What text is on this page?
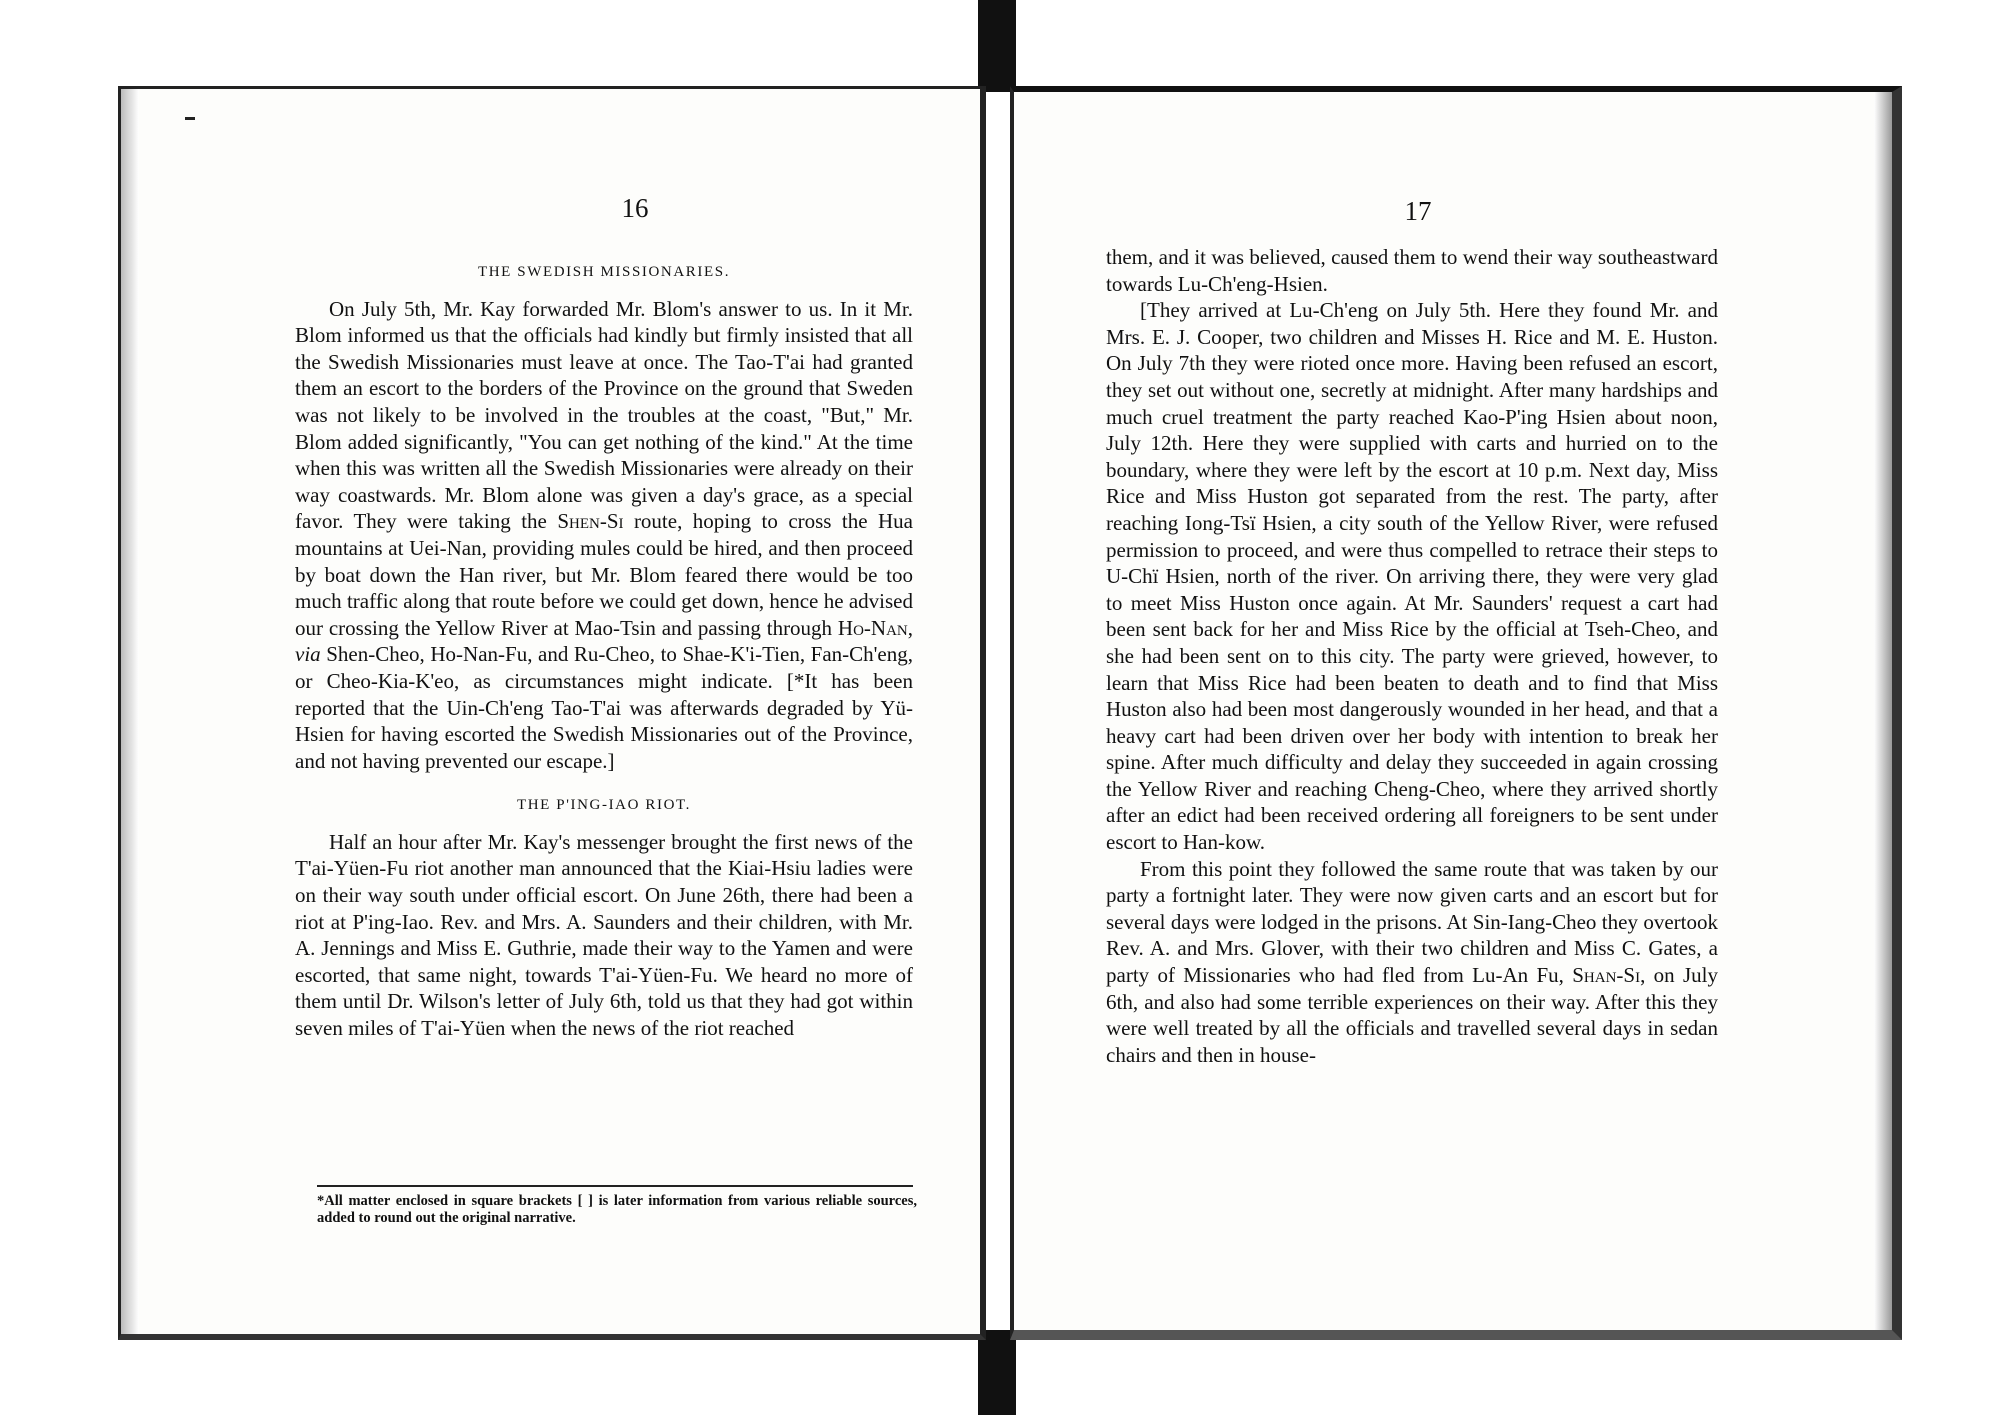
16
THE SWEDISH MISSIONARIES.

On July 5th, Mr. Kay forwarded Mr. Blom's answer to us. In it Mr. Blom informed us that the officials had kindly but firmly insisted that all the Swedish Missionaries must leave at once. The Tao-T'ai had granted them an escort to the borders of the Province on the ground that Sweden was not likely to be involved in the troubles at the coast, "But," Mr. Blom added significantly, "You can get nothing of the kind." At the time when this was written all the Swedish Missionaries were already on their way coastwards. Mr. Blom alone was given a day's grace, as a special favor. They were taking the Shen-Si route, hoping to cross the Hua mountains at Uei-Nan, providing mules could be hired, and then proceed by boat down the Han river, but Mr. Blom feared there would be too much traffic along that route before we could get down, hence he advised our crossing the Yellow River at Mao-Tsin and passing through Ho-Nan, via Shen-Cheo, Ho-Nan-Fu, and Ru-Cheo, to Shae-K'i-Tien, Fan-Ch'eng, or Cheo-Kia-K'eo, as circumstances might indicate. [*It has been reported that the Uin-Ch'eng Tao-T'ai was afterwards degraded by Yü-Hsien for having escorted the Swedish Missionaries out of the Province, and not having prevented our escape.]

THE P'ING-IAO RIOT.

Half an hour after Mr. Kay's messenger brought the first news of the T'ai-Yüen-Fu riot another man announced that the Kiai-Hsiu ladies were on their way south under official escort. On June 26th, there had been a riot at P'ing-Iao. Rev. and Mrs. A. Saunders and their children, with Mr. A. Jennings and Miss E. Guthrie, made their way to the Yamen and were escorted, that same night, towards T'ai-Yüen-Fu. We heard no more of them until Dr. Wilson's letter of July 6th, told us that they had got within seven miles of T'ai-Yüen when the news of the riot reached

*All matter enclosed in square brackets [ ] is later information from various reliable sources, added to round out the original narrative.
17

them, and it was believed, caused them to wend their way southeastward towards Lu-Ch'eng-Hsien.

[They arrived at Lu-Ch'eng on July 5th. Here they found Mr. and Mrs. E. J. Cooper, two children and Misses H. Rice and M. E. Huston. On July 7th they were rioted once more. Having been refused an escort, they set out without one, secretly at midnight. After many hardships and much cruel treatment the party reached Kao-P'ing Hsien about noon, July 12th. Here they were supplied with carts and hurried on to the boundary, where they were left by the escort at 10 p.m. Next day, Miss Rice and Miss Huston got separated from the rest. The party, after reaching Iong-Tsï Hsien, a city south of the Yellow River, were refused permission to proceed, and were thus compelled to retrace their steps to U-Chï Hsien, north of the river. On arriving there, they were very glad to meet Miss Huston once again. At Mr. Saunders' request a cart had been sent back for her and Miss Rice by the official at Tseh-Cheo, and she had been sent on to this city. The party were grieved, however, to learn that Miss Rice had been beaten to death and to find that Miss Huston also had been most dangerously wounded in her head, and that a heavy cart had been driven over her body with intention to break her spine. After much difficulty and delay they succeeded in again crossing the Yellow River and reaching Cheng-Cheo, where they arrived shortly after an edict had been received ordering all foreigners to be sent under escort to Han-kow.

From this point they followed the same route that was taken by our party a fortnight later. They were now given carts and an escort but for several days were lodged in the prisons. At Sin-Iang-Cheo they overtook Rev. A. and Mrs. Glover, with their two children and Miss C. Gates, a party of Missionaries who had fled from Lu-An Fu, Shan-Si, on July 6th, and also had some terrible experiences on their way. After this they were well treated by all the officials and travelled several days in sedan chairs and then in house-
